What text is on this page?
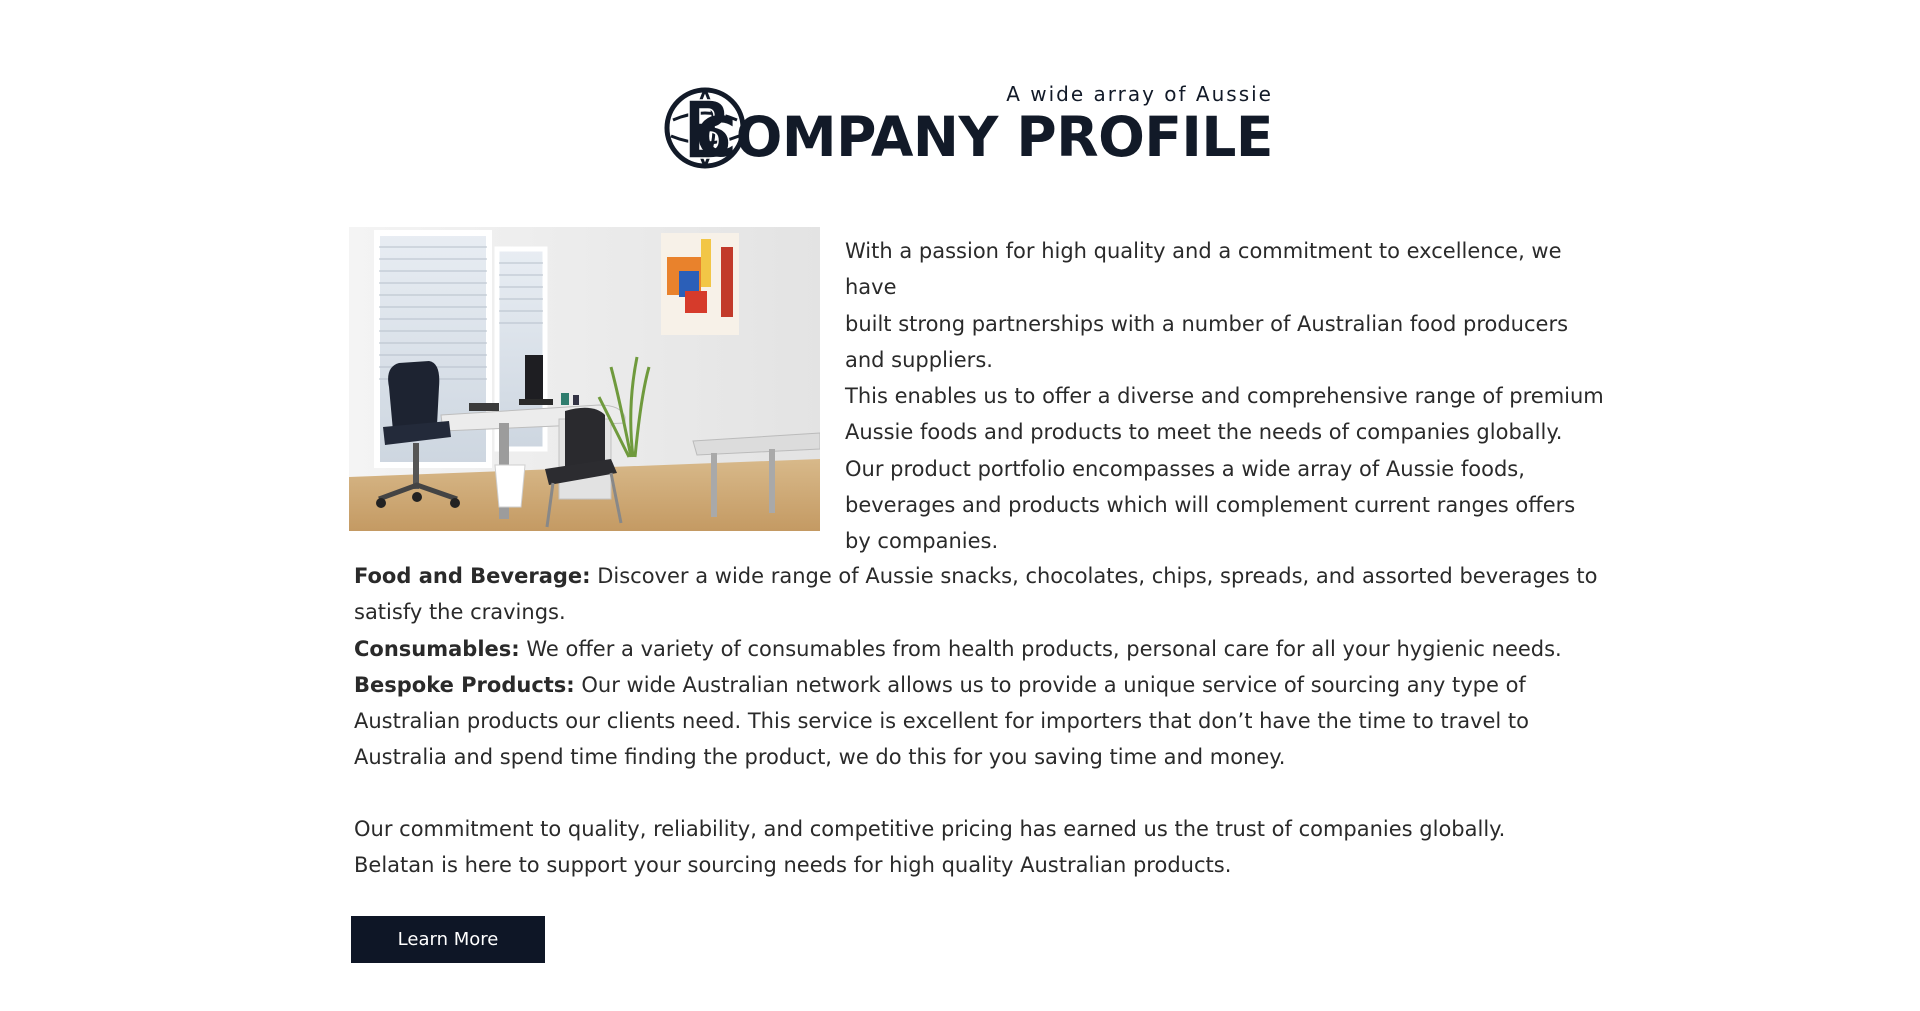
A wide array of Aussie
COMPANY PROFILE

With a passion for high quality and a commitment to excellence, we have
built strong partnerships with a number of Australian food producers
and suppliers.
This enables us to offer a diverse and comprehensive range of premium
Aussie foods and products to meet the needs of companies globally.
Our product portfolio encompasses a wide array of Aussie foods,
beverages and products which will complement current ranges offers
by companies.

Food and Beverage: Discover a wide range of Aussie snacks, chocolates, chips, spreads, and assorted beverages to satisfy the cravings.

Consumables: We offer a variety of consumables from health products, personal care for all your hygienic needs.

Bespoke Products: Our wide Australian network allows us to provide a unique service of sourcing any type of Australian products our clients need. This service is excellent for importers that don’t have the time to travel to Australia and spend time finding the product, we do this for you saving time and money.

Our commitment to quality, reliability, and competitive pricing has earned us the trust of companies globally.
Belatan is here to support your sourcing needs for high quality Australian products.

Learn More
